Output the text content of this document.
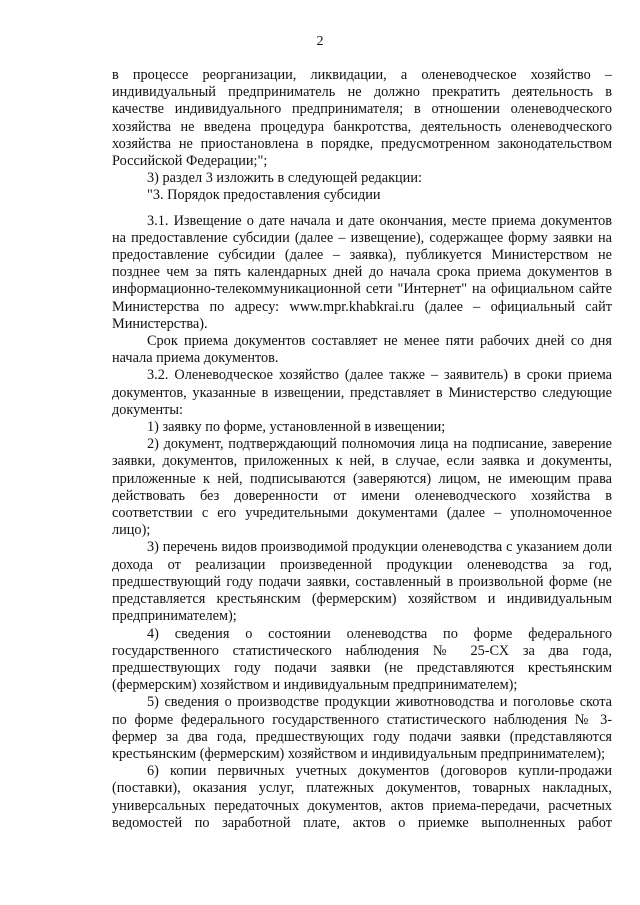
2

в процессе реорганизации, ликвидации, а оленеводческое хозяйство – индивидуальный предприниматель не должно прекратить деятельность в качестве индивидуального предпринимателя; в отношении оленеводческого хозяйства не введена процедура банкротства, деятельность оленеводческого хозяйства не приостановлена в порядке, предусмотренном законодательством Российской Федерации;";

3) раздел 3 изложить в следующей редакции:

"3. Порядок предоставления субсидии

3.1. Извещение о дате начала и дате окончания, месте приема документов на предоставление субсидии (далее – извещение), содержащее форму заявки на предоставление субсидии (далее – заявка), публикуется Министерством не позднее чем за пять календарных дней до начала срока приема документов в информационно-телекоммуникационной сети "Интернет" на официальном сайте Министерства по адресу: www.mpr.khabkrai.ru (далее – официальный сайт Министерства).

Срок приема документов составляет не менее пяти рабочих дней со дня начала приема документов.

3.2. Оленеводческое хозяйство (далее также – заявитель) в сроки приема документов, указанные в извещении, представляет в Министерство следующие документы:

1) заявку по форме, установленной в извещении;

2) документ, подтверждающий полномочия лица на подписание, заверение заявки, документов, приложенных к ней, в случае, если заявка и документы, приложенные к ней, подписываются (заверяются) лицом, не имеющим права действовать без доверенности от имени оленеводческого хозяйства в соответствии с его учредительными документами (далее – уполномоченное лицо);

3) перечень видов производимой продукции оленеводства с указанием доли дохода от реализации произведенной продукции оленеводства за год, предшествующий году подачи заявки, составленный в произвольной форме (не представляется крестьянским (фермерским) хозяйством и индивидуальным предпринимателем);

4) сведения о состоянии оленеводства по форме федерального государственного статистического наблюдения № 25-СХ за два года, предшествующих году подачи заявки (не представляются крестьянским (фермерским) хозяйством и индивидуальным предпринимателем);

5) сведения о производстве продукции животноводства и поголовье скота по форме федерального государственного статистического наблюдения № 3-фермер за два года, предшествующих году подачи заявки (представляются крестьянским (фермерским) хозяйством и индивидуальным предпринимателем);

6) копии первичных учетных документов (договоров купли-продажи (поставки), оказания услуг, платежных документов, товарных накладных, универсальных передаточных документов, актов приема-передачи, расчетных ведомостей по заработной плате, актов о приемке выполненных работ
